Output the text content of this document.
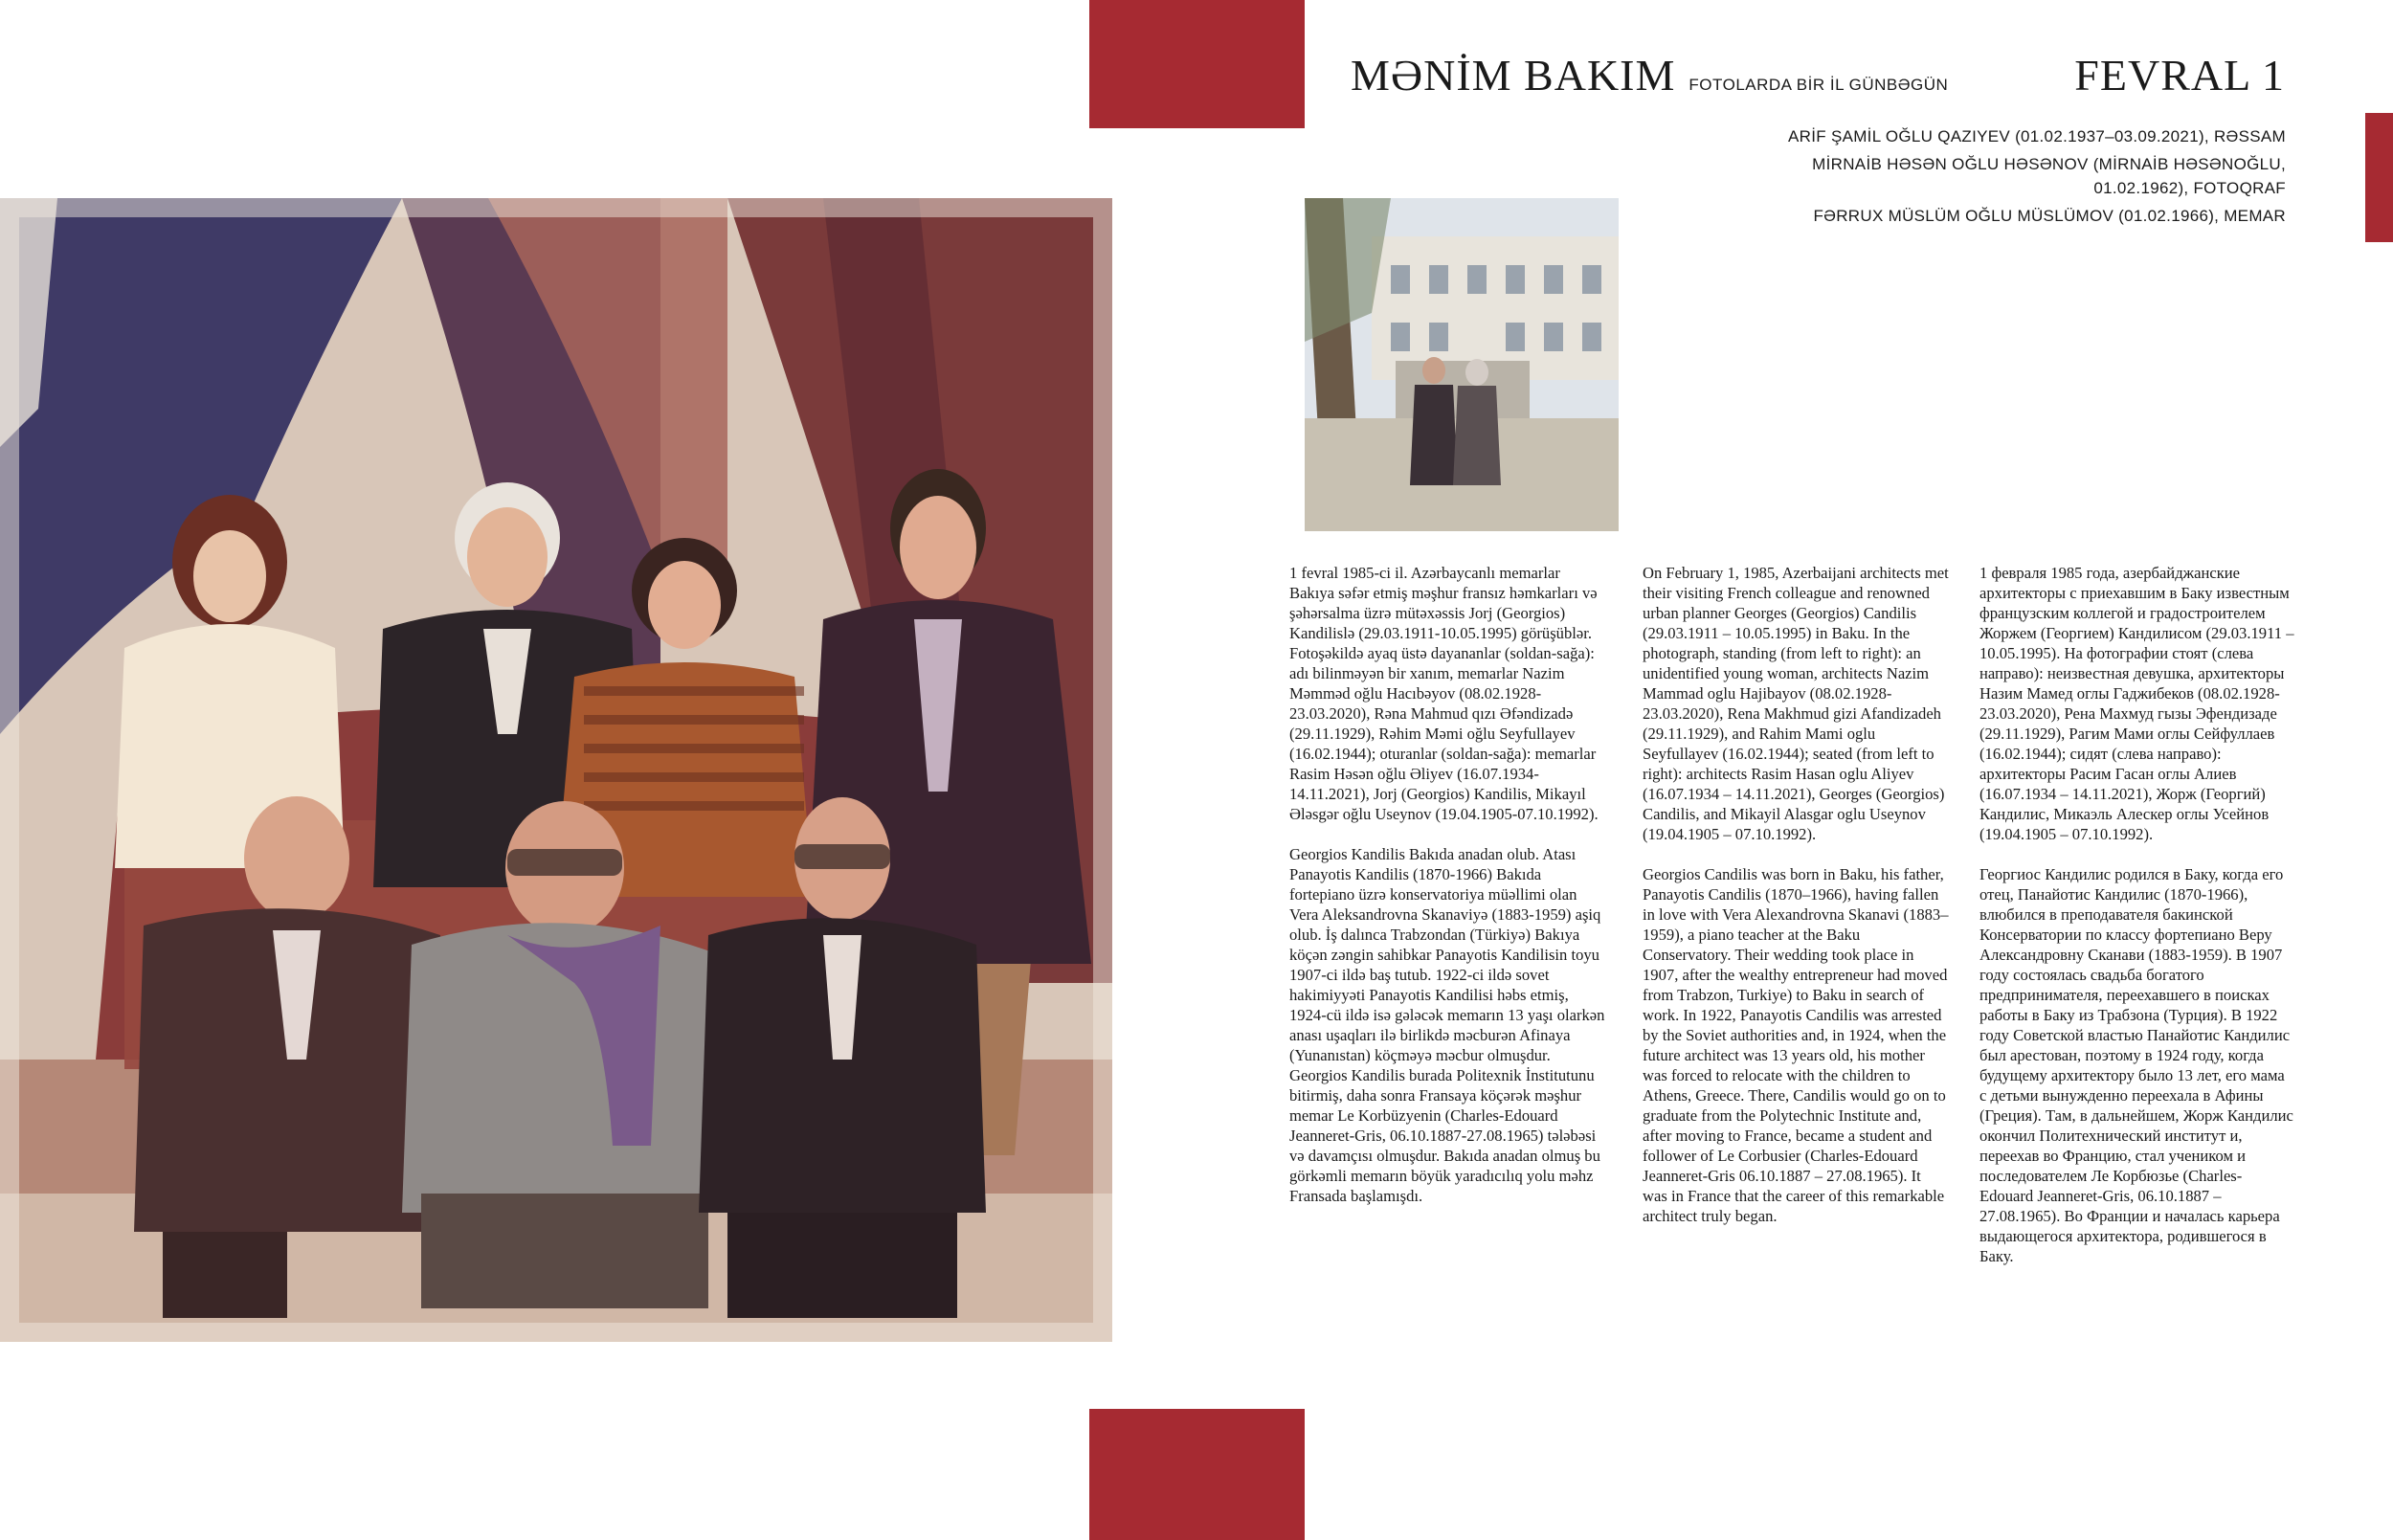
MƏNİM BAKIM FOTOLARDA BİR İL GÜNBƏGÜN	FEVRAL 1
ARİF ŞAMİL OĞLU QAZIYEV (01.02.1937–03.09.2021), RƏSSAM
MİRNAİB HƏSƏN OĞLU HƏSƏNOV (MİRNAİB HƏSƏNOĞLU, 01.02.1962), FOTOQRAF
FƏRRUX MÜSLÜM OĞLU MÜSLÜMOV (01.02.1966), MEMAR

1 fevral 1985-ci il. Azərbaycanlı memarlar Bakıya səfər etmiş məşhur fransız həmkarları və şəhərsalma üzrə mütəxəssis Jorj (Georgios) Kandilislə (29.03.1911-10.05.1995) görüşüblər. Fotoşəkildə ayaq üstə dayananlar (soldan-sağa): adı bilinməyən bir xanım, memarlar Nazim Məmməd oğlu Hacıbəyov (08.02.1928-23.03.2020), Rəna Mahmud qızı Əfəndizadə (29.11.1929), Rəhim Məmi oğlu Seyfullayev (16.02.1944); oturanlar (soldan-sağa): memarlar Rasim Həsən oğlu Əliyev (16.07.1934-14.11.2021), Jorj (Georgios) Kandilis, Mikayıl Ələsgər oğlu Useynov (19.04.1905-07.10.1992).

Georgios Kandilis Bakıda anadan olub. Atası Panayotis Kandilis (1870-1966) Bakıda fortepiano üzrə konservatoriya müəllimi olan Vera Aleksandrovna Skanaviyə (1883-1959) aşiq olub. İş dalınca Trabzondan (Türkiyə) Bakıya köçən zəngin sahibkar Panayotis Kandilisin toyu 1907-ci ildə baş tutub. 1922-ci ildə sovet hakimiyyəti Panayotis Kandilisi həbs etmiş, 1924-cü ildə isə gələcək memarın 13 yaşı olarkən anası uşaqları ilə birlikdə məcburən Afinaya (Yunanıstan) köçməyə məcbur olmuşdur. Georgios Kandilis burada Politexnik İnstitutunu bitirmiş, daha sonra Fransaya köçərək məşhur memar Le Korbüzyenin (Charles-Edouard Jeanneret-Gris, 06.10.1887-27.08.1965) tələbəsi və davamçısı olmuşdur. Bakıda anadan olmuş bu görkəmli memarın böyük yaradıcılıq yolu məhz Fransada başlamışdı.

On February 1, 1985, Azerbaijani architects met their visiting French colleague and renowned urban planner Georges (Georgios) Candilis (29.03.1911 – 10.05.1995) in Baku. In the photograph, standing (from left to right): an unidentified young woman, architects Nazim Mammad oglu Hajibayov (08.02.1928-23.03.2020), Rena Makhmud gizi Afandizadeh (29.11.1929), and Rahim Mami oglu Seyfullayev (16.02.1944); seated (from left to right): architects Rasim Hasan oglu Aliyev (16.07.1934 – 14.11.2021), Georges (Georgios) Candilis, and Mikayil Alasgar oglu Useynov (19.04.1905 – 07.10.1992).

Georgios Candilis was born in Baku, his father, Panayotis Candilis (1870–1966), having fallen in love with Vera Alexandrovna Skanavi (1883–1959), a piano teacher at the Baku Conservatory. Their wedding took place in 1907, after the wealthy entrepreneur had moved from Trabzon, Turkiye) to Baku in search of work. In 1922, Panayotis Candilis was arrested by the Soviet authorities and, in 1924, when the future architect was 13 years old, his mother was forced to relocate with the children to Athens, Greece. There, Candilis would go on to graduate from the Polytechnic Institute and, after moving to France, became a student and follower of Le Corbusier (Charles-Edouard Jeanneret-Gris 06.10.1887 – 27.08.1965). It was in France that the career of this remarkable architect truly began.

1 февраля 1985 года, азербайджанские архитекторы с приехавшим в Баку известным французским коллегой и градостроителем Жоржем (Георгием) Кандилисом (29.03.1911 – 10.05.1995). На фотографии стоят (слева направо): неизвестная девушка, архитекторы Назим Мамед оглы Гаджибеков (08.02.1928-23.03.2020), Рена Махмуд гызы Эфендизаде (29.11.1929), Рагим Мами оглы Сейфуллаев (16.02.1944); сидят (слева направо): архитекторы Расим Гасан оглы Алиев (16.07.1934 – 14.11.2021), Жорж (Георгий) Кандилис, Микаэль Алескер оглы Усейнов (19.04.1905 – 07.10.1992).

Георгиос Кандилис родился в Баку, когда его отец, Панайотис Кандилис (1870-1966), влюбился в преподавателя бакинской Консерватории по классу фортепиано Веру Александровну Сканави (1883-1959). В 1907 году состоялась свадьба богатого предпринимателя, переехавшего в поисках работы в Баку из Трабзона (Турция). В 1922 году Советской властью Панайотис Кандилис был арестован, поэтому в 1924 году, когда будущему архитектору было 13 лет, его мама с детьми вынужденно переехала в Афины (Греция). Там, в дальнейшем, Жорж Кандилис окончил Политехнический институт и, переехав во Францию, стал учеником и последователем Ле Корбюзье (Charles-Edouard Jeanneret-Gris, 06.10.1887 – 27.08.1965). Во Франции и началась карьера выдающегося архитектора, родившегося в Баку.
